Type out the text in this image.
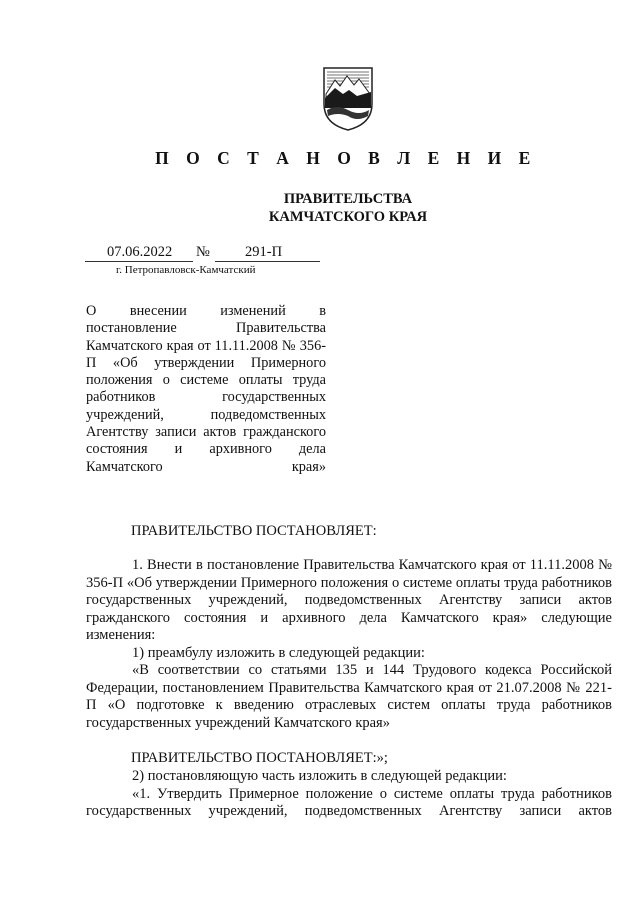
П О С Т А Н О В Л Е Н И Е
ПРАВИТЕЛЬСТВА
КАМЧАТСКОГО КРАЯ
07.06.2022 № 291-П
г. Петропавловск-Камчатский
О внесении изменений в постановление Правительства Камчатского края от 11.11.2008 № 356-П «Об утверждении Примерного положения о системе оплаты труда работников государственных учреждений, подведомственных Агентству записи актов гражданского состояния и архивного дела Камчатского края»
ПРАВИТЕЛЬСТВО ПОСТАНОВЛЯЕТ:
1. Внести в постановление Правительства Камчатского края от 11.11.2008 № 356-П «Об утверждении Примерного положения о системе оплаты труда работников государственных учреждений, подведомственных Агентству записи актов гражданского состояния и архивного дела Камчатского края» следующие изменения:
1) преамбулу изложить в следующей редакции:
«В соответствии со статьями 135 и 144 Трудового кодекса Российской Федерации, постановлением Правительства Камчатского края от 21.07.2008 № 221-П «О подготовке к введению отраслевых систем оплаты труда работников государственных учреждений Камчатского края»
ПРАВИТЕЛЬСТВО ПОСТАНОВЛЯЕТ:»;
2) постановляющую часть изложить в следующей редакции:
«1. Утвердить Примерное положение о системе оплаты труда работников государственных учреждений, подведомственных Агентству записи актов
